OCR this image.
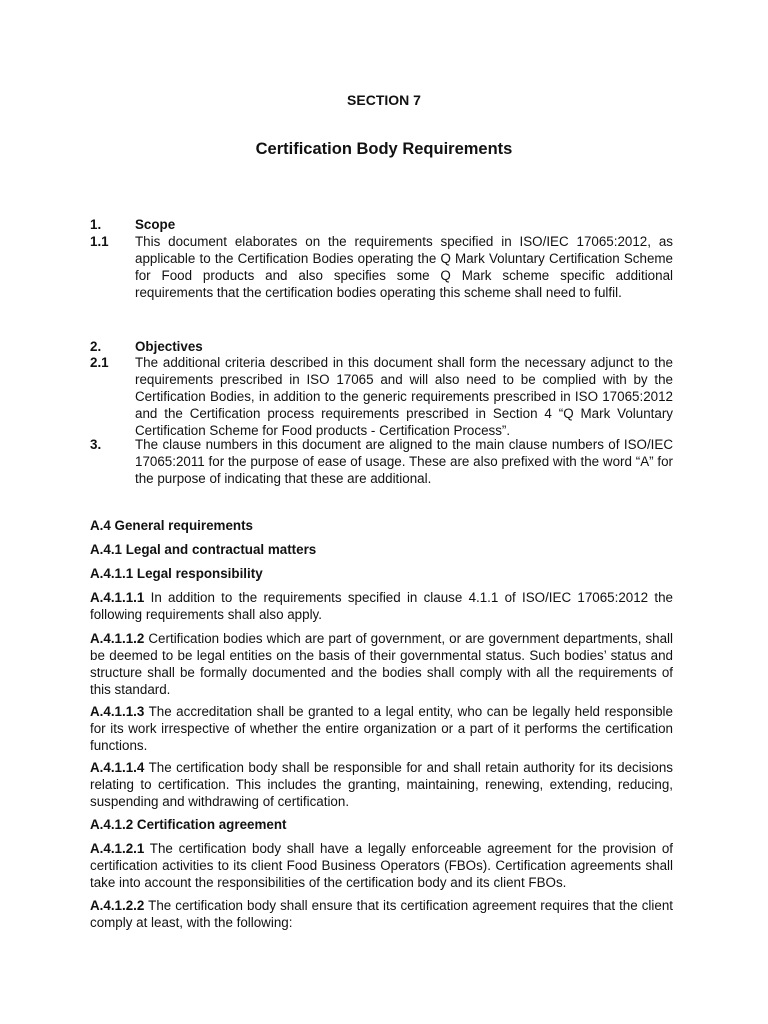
SECTION 7
Certification Body Requirements
1.	Scope
1.1	This document elaborates on the requirements specified in ISO/IEC 17065:2012, as applicable to the Certification Bodies operating the Q Mark Voluntary Certification Scheme for Food products and also specifies some Q Mark scheme specific additional requirements that the certification bodies operating this scheme shall need to fulfil.
2.	Objectives
2.1	The additional criteria described in this document shall form the necessary adjunct to the requirements prescribed in ISO 17065 and will also need to be complied with by the Certification Bodies, in addition to the generic requirements prescribed in ISO 17065:2012 and the Certification process requirements prescribed in Section 4 “Q Mark Voluntary Certification Scheme for Food products - Certification Process”.
3.	The clause numbers in this document are aligned to the main clause numbers of ISO/IEC 17065:2011 for the purpose of ease of usage. These are also prefixed with the word “A” for the purpose of indicating that these are additional.
A.4 General requirements
A.4.1 Legal and contractual matters
A.4.1.1 Legal responsibility
A.4.1.1.1 In addition to the requirements specified in clause 4.1.1 of ISO/IEC 17065:2012 the following requirements shall also apply.
A.4.1.1.2 Certification bodies which are part of government, or are government departments, shall be deemed to be legal entities on the basis of their governmental status. Such bodies’ status and structure shall be formally documented and the bodies shall comply with all the requirements of this standard.
A.4.1.1.3 The accreditation shall be granted to a legal entity, who can be legally held responsible for its work irrespective of whether the entire organization or a part of it performs the certification functions.
A.4.1.1.4 The certification body shall be responsible for and shall retain authority for its decisions relating to certification. This includes the granting, maintaining, renewing, extending, reducing, suspending and withdrawing of certification.
A.4.1.2 Certification agreement
A.4.1.2.1 The certification body shall have a legally enforceable agreement for the provision of certification activities to its client Food Business Operators (FBOs). Certification agreements shall take into account the responsibilities of the certification body and its client FBOs.
A.4.1.2.2 The certification body shall ensure that its certification agreement requires that the client comply at least, with the following:
